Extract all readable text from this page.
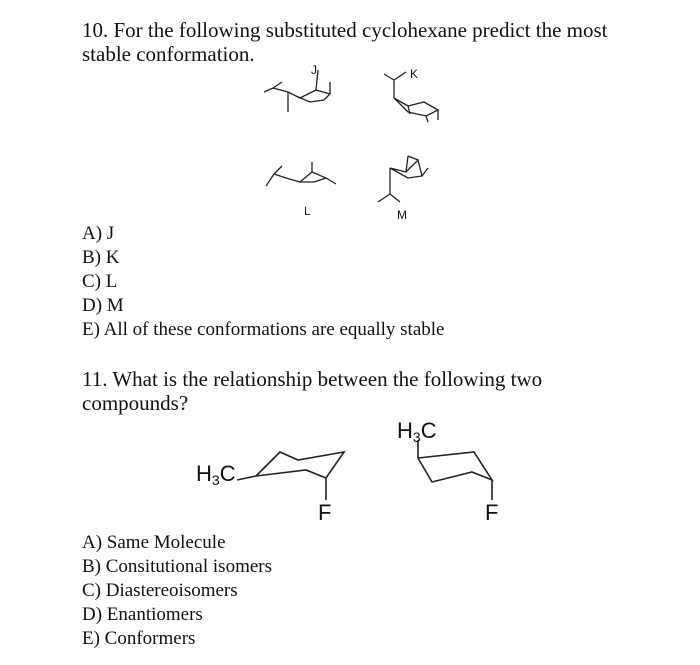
10. For the following substituted cyclohexane predict the most
stable conformation.
J	K
L	M
A) J
B) K
C) L
D) M
E) All of these conformations are equally stable
11. What is the relationship between the following two
compounds?
$H_3C$
F
$H_3C$
F
A) Same Molecule
B) Consitutional isomers
C) Diastereoisomers
D) Enantiomers
E) Conformers
